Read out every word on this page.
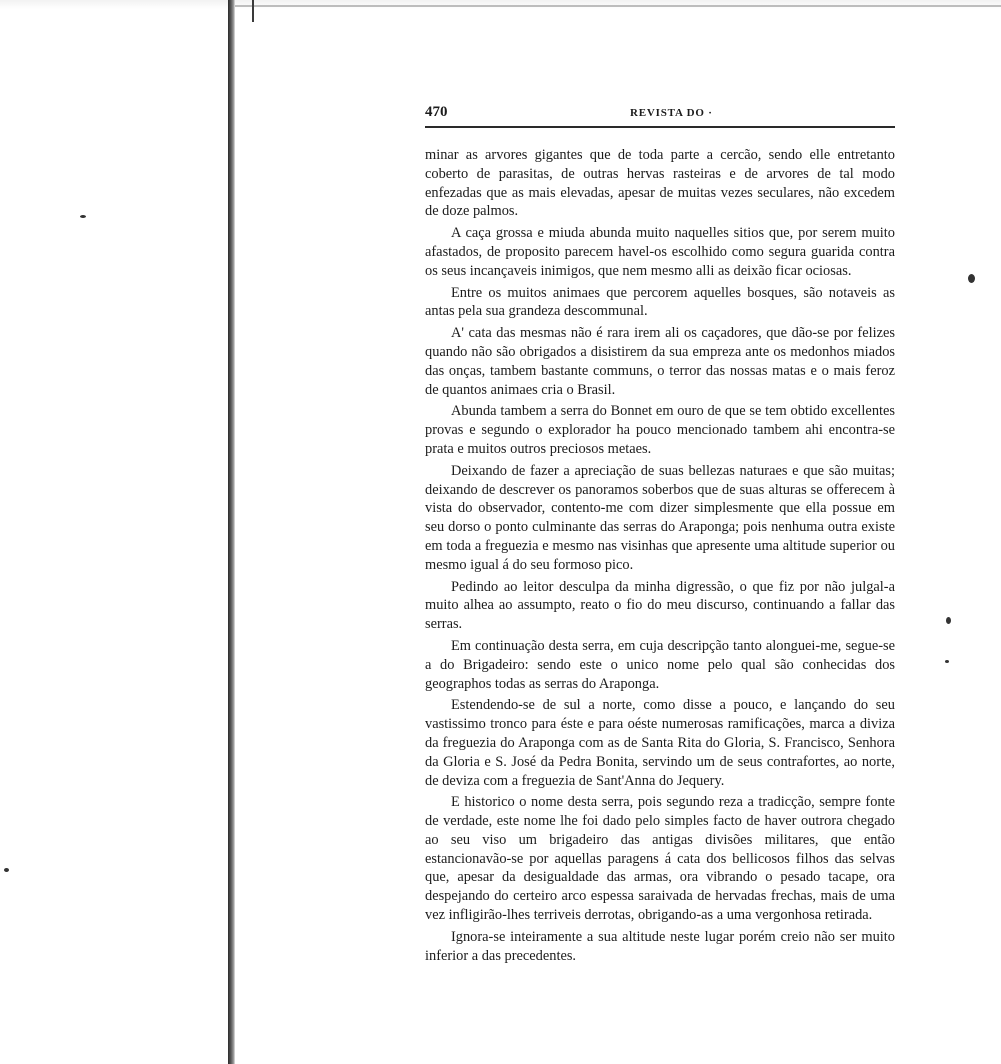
470	REVISTA DO ·

minar as arvores gigantes que de toda parte a cercão, sendo elle entretanto coberto de parasitas, de outras hervas rasteiras e de arvores de tal modo enfezadas que as mais elevadas, apesar de muitas vezes seculares, não excedem de doze palmos.

A caça grossa e miuda abunda muito naquelles sitios que, por serem muito afastados, de proposito parecem havel-os escolhido como segura guarida contra os seus incançaveis inimigos, que nem mesmo alli as deixão ficar ociosas.

Entre os muitos animaes que percorem aquelles bosques, são notaveis as antas pela sua grandeza descommunal.

A' cata das mesmas não é rara irem ali os caçadores, que dão-se por felizes quando não são obrigados a disistirem da sua empreza ante os medonhos miados das onças, tambem bastante communs, o terror das nossas matas e o mais feroz de quantos animaes cria o Brasil.

Abunda tambem a serra do Bonnet em ouro de que se tem obtido excellentes provas e segundo o explorador ha pouco mencionado tambem ahi encontra-se prata e muitos outros preciosos metaes.

Deixando de fazer a apreciação de suas bellezas naturaes e que são muitas; deixando de descrever os panoramos soberbos que de suas alturas se offerecem à vista do observador, contento-me com dizer simplesmente que ella possue em seu dorso o ponto culminante das serras do Araponga; pois nenhuma outra existe em toda a freguezia e mesmo nas visinhas que apresente uma altitude superior ou mesmo igual á do seu formoso pico.

Pedindo ao leitor desculpa da minha digressão, o que fiz por não julgal-a muito alhea ao assumpto, reato o fio do meu discurso, continuando a fallar das serras.

Em continuação desta serra, em cuja descripção tanto alonguei-me, segue-se a do Brigadeiro: sendo este o unico nome pelo qual são conhecidas dos geographos todas as serras do Araponga.

Estendendo-se de sul a norte, como disse a pouco, e lançando do seu vastissimo tronco para éste e para oéste numerosas ramificações, marca a diviza da freguezia do Araponga com as de Santa Rita do Gloria, S. Francisco, Senhora da Gloria e S. José da Pedra Bonita, servindo um de seus contrafortes, ao norte, de deviza com a freguezia de Sant'Anna do Jequery.

E historico o nome desta serra, pois segundo reza a tradicção, sempre fonte de verdade, este nome lhe foi dado pelo simples facto de haver outrora chegado ao seu viso um brigadeiro das antigas divisões militares, que então estancionavão-se por aquellas paragens á cata dos bellicosos filhos das selvas que, apesar da desigualdade das armas, ora vibrando o pesado tacape, ora despejando do certeiro arco espessa saraivada de hervadas frechas, mais de uma vez infligirão-lhes terriveis derrotas, obrigando-as a uma vergonhosa retirada.

Ignora-se inteiramente a sua altitude neste lugar porém creio não ser muito inferior a das precedentes.
